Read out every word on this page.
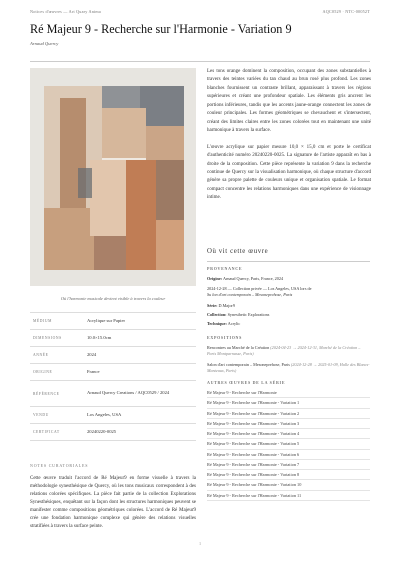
Notices d'œuvres — Art Quary Anima	AQC0529 · NTC-00052T
Ré Majeur 9 - Recherche sur l'Harmonie - Variation 9
Arnaud Quercy
Où l'harmonie musicale devient visible à travers la couleur
MÉDIUM	Acrylique sur Papier
DIMENSIONS	10.0×15.0cm
ANNÉE	2024
ORIGINE	France
RÉFÉRENCE	Arnaud Quercy Creations / AQC0529 / 2024
VENDU	Los Angeles, USA
CERTIFICAT	20240220-0025
NOTES CURATORIALES

Cette œuvre traduit l'accord de Ré Majeur9 en forme visuelle à travers la méthodologie synesthésique de Quercy, où les tons musicaux correspondent à des relations colorées spécifiques. La pièce fait partie de la collection Explorations Synesthésiques, enquêtant sur la façon dont les structures harmoniques peuvent se manifester comme compositions géométriques colorées. L'accord de Ré Majeur9 crée une fondation harmonique complexe qui génère des relations visuelles stratifiées à travers la surface peinte.

Les tons orange dominent la composition, occupant des zones substantielles à travers des teintes variées du tan chaud au brun rosé plus profond. Les zones blanches fournissent un contraste brillant, apparaissant à travers les régions supérieures et créant une profondeur spatiale. Les éléments gris ancrent les portions inférieures, tandis que les accents jaune-orange connectent les zones de couleur principales. Les formes géométriques se chevauchent et s'intersectent, créant des limites claires entre les zones colorées tout en maintenant une unité harmonique à travers la surface.

L'œuvre acrylique sur papier mesure 10,0 × 15,0 cm et porte le certificat d'authenticité numéro 20240220-0025. La signature de l'artiste apparaît en bas à droite de la composition. Cette pièce représente la variation 9 dans la recherche continue de Quercy sur la visualisation harmonique, où chaque structure d'accord génère sa propre palette de couleurs unique et organisation spatiale. Le format compact concentre les relations harmoniques dans une expérience de visionnage intime.

Où vit cette œuvre
PROVENANCE

Origine: Arnaud Quercy, Paris, France, 2024

2024-12-28 — Collection privée — Los Angeles, USA lors de
Su lon d'art contemporain – Mesoneprehose, Paris

Série: D.Major9

Collection: Synesthetic Explorations

Technique: Acrylic

EXPOSITIONS

Rencontres au Marché de la Création (2024-04-23 → 2024-12-31, Marché de la Création – Paris Montparnasse, Paris)

Salon d'art contemporain – Mesoneprehose, Paris (2024-12-28 → 2025-01-09, Halle des Blancs-Manteaux, Paris)

AUTRES ŒUVRES DE LA SÉRIE
Ré Majeur 9 - Recherche sur l'Harmonie
Ré Majeur 9 - Recherche sur l'Harmonie - Variation 1
Ré Majeur 9 - Recherche sur l'Harmonie - Variation 2
Ré Majeur 9 - Recherche sur l'Harmonie - Variation 3
Ré Majeur 9 - Recherche sur l'Harmonie - Variation 4
Ré Majeur 9 - Recherche sur l'Harmonie - Variation 5
Ré Majeur 9 - Recherche sur l'Harmonie - Variation 6
Ré Majeur 9 - Recherche sur l'Harmonie - Variation 7
Ré Majeur 9 - Recherche sur l'Harmonie - Variation 8
Ré Majeur 9 - Recherche sur l'Harmonie - Variation 10
Ré Majeur 9 - Recherche sur l'Harmonie - Variation 11
1
